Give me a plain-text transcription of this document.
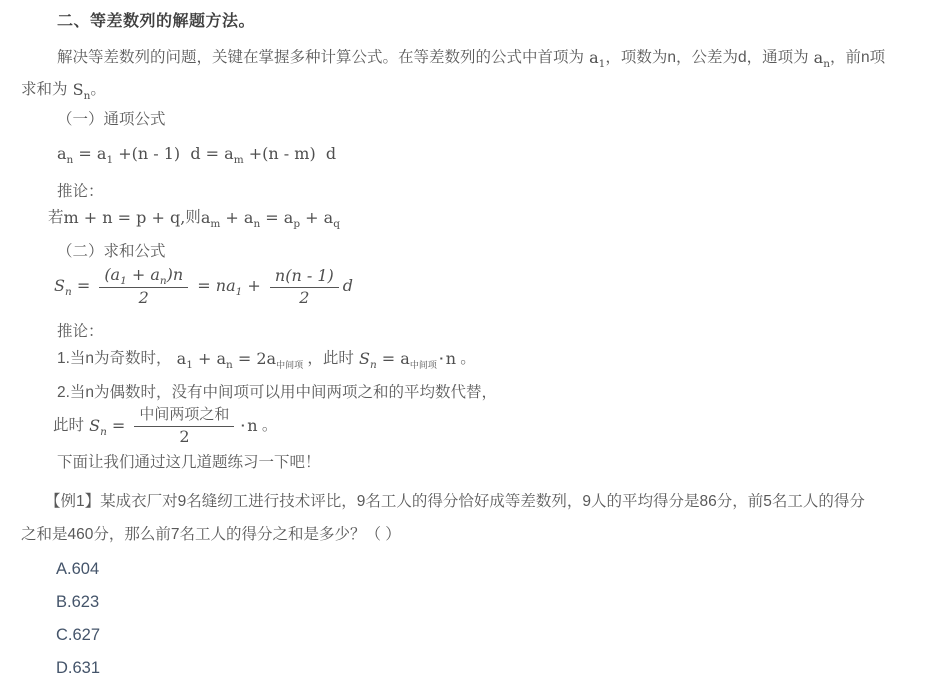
二、等差数列的解题方法。
解决等差数列的问题，关键在掌握多种计算公式。在等差数列的公式中首项为 $a_1$ ，项数为n，公差为d，通项为 $a_n$ ，前n项
求和为 $S_n$ 。
（一）通项公式
$a_n = a_1 +(n - 1) d = a_m +(n - m)$  d
推论：
若 m + n = p + q, 则 $a_m + a_n = a_p + a_q$
（二）求和公式
$S_n = \frac{(a_1 + a_n )n}{2} = na_1 + \frac{n(n - 1)}{2}$ d
推论：
1.当n为奇数时， $a_1 + a_n = 2a_{中间项}$ ，此时 $S_n = a_{中间项}$
▪ n 。
2.当n为偶数时，没有中间项可以用中间两项之和的平均数代替，
此时 $S_n = \frac{\text{中间两项之和}}{2}$ ▪ n 。
下面让我们通过这几道题练习一下吧！
【例1】某成衣厂对9名缝纫工进行技术评比，9名工人的得分恰好成等差数列，9人的平均得分是86分，前5名工人的得分
之和是460分，那么前7名工人的得分之和是多少？（ ）
A.604
B.623
C.627
D.631
